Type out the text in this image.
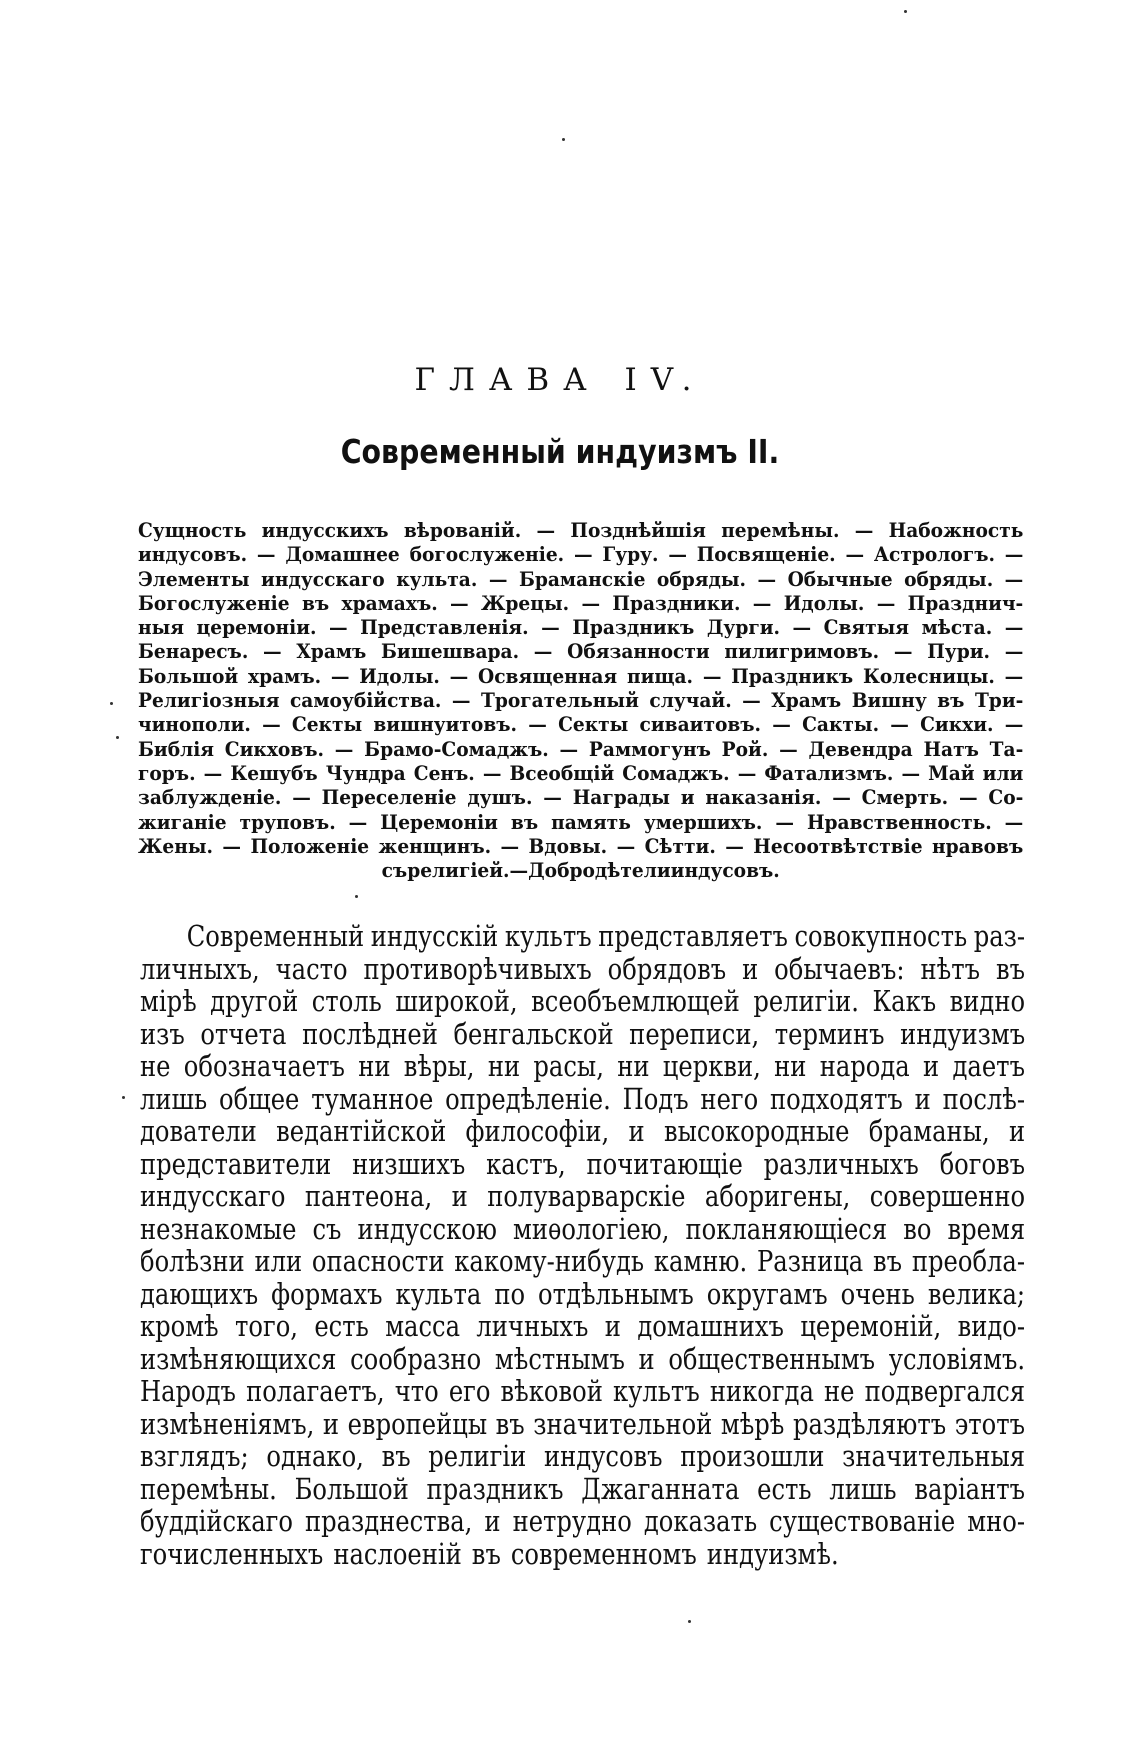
ГЛАВА IV.
Современный индуизмъ II.
Сущность индусскихъ вѣрованій. — Позднѣйшія перемѣны. — Набожность
индусовъ. — Домашнее богослуженіе. — Гуру. — Посвященіе. — Астрологъ. —
Элементы индусскаго культа. — Браманскіе обряды. — Обычные обряды. —
Богослуженіе въ храмахъ. — Жрецы. — Праздники. — Идолы. — Празднич-
ныя церемоніи. — Представленія. — Праздникъ Дурги. — Святыя мѣста. —
Бенаресъ. — Храмъ Бишешвара. — Обязанности пилигримовъ. — Пури. —
Большой храмъ. — Идолы. — Освященная пища. — Праздникъ Колесницы. —
Религіозныя самоубійства. — Трогательный случай. — Храмъ Вишну въ Три-
чинополи. — Секты вишнуитовъ. — Секты сиваитовъ. — Сакты. — Сикхи. —
Библія Сикховъ. — Брамо-Сомаджъ. — Раммогунъ Рой. — Девендра Натъ Та-
горъ. — Кешубъ Чундра Сенъ. — Всеобщій Сомаджъ. — Фатализмъ. — Май или
заблужденіе. — Переселеніе душъ. — Награды и наказанія. — Смерть. — Со-
жиганіе труповъ. — Церемоніи въ память умершихъ. — Нравственность. —
Жены. — Положеніе женщинъ. — Вдовы. — Сѣтти. — Несоотвѣтствіе нравовъ
съ религіей. — Добродѣтели индусовъ.
Современный индусскій культъ представляетъ совокупность раз-
личныхъ, часто противорѣчивыхъ обрядовъ и обычаевъ: нѣтъ въ
мірѣ другой столь широкой, всеобъемлющей религіи. Какъ видно
изъ отчета послѣдней бенгальской переписи, терминъ индуизмъ
не обозначаетъ ни вѣры, ни расы, ни церкви, ни народа и даетъ
лишь общее туманное опредѣленіе. Подъ него подходятъ и послѣ-
дователи ведантійской философіи, и высокородные браманы, и
представители низшихъ кастъ, почитающіе различныхъ боговъ
индусскаго пантеона, и полуварварскіе аборигены, совершенно
незнакомые съ индусскою миѳологіею, покланяющіеся во время
болѣзни или опасности какому-нибудь камню. Разница въ преобла-
дающихъ формахъ культа по отдѣльнымъ округамъ очень велика;
кромѣ того, есть масса личныхъ и домашнихъ церемоній, видо-
измѣняющихся сообразно мѣстнымъ и общественнымъ условіямъ.
Народъ полагаетъ, что его вѣковой культъ никогда не подвергался
измѣненіямъ, и европейцы въ значительной мѣрѣ раздѣляютъ этотъ
взглядъ; однако, въ религіи индусовъ произошли значительныя
перемѣны. Большой праздникъ Джаганната есть лишь варіантъ
буддійскаго празднества, и нетрудно доказать существованіе мно-
гочисленныхъ наслоеній въ современномъ индуизмѣ.
